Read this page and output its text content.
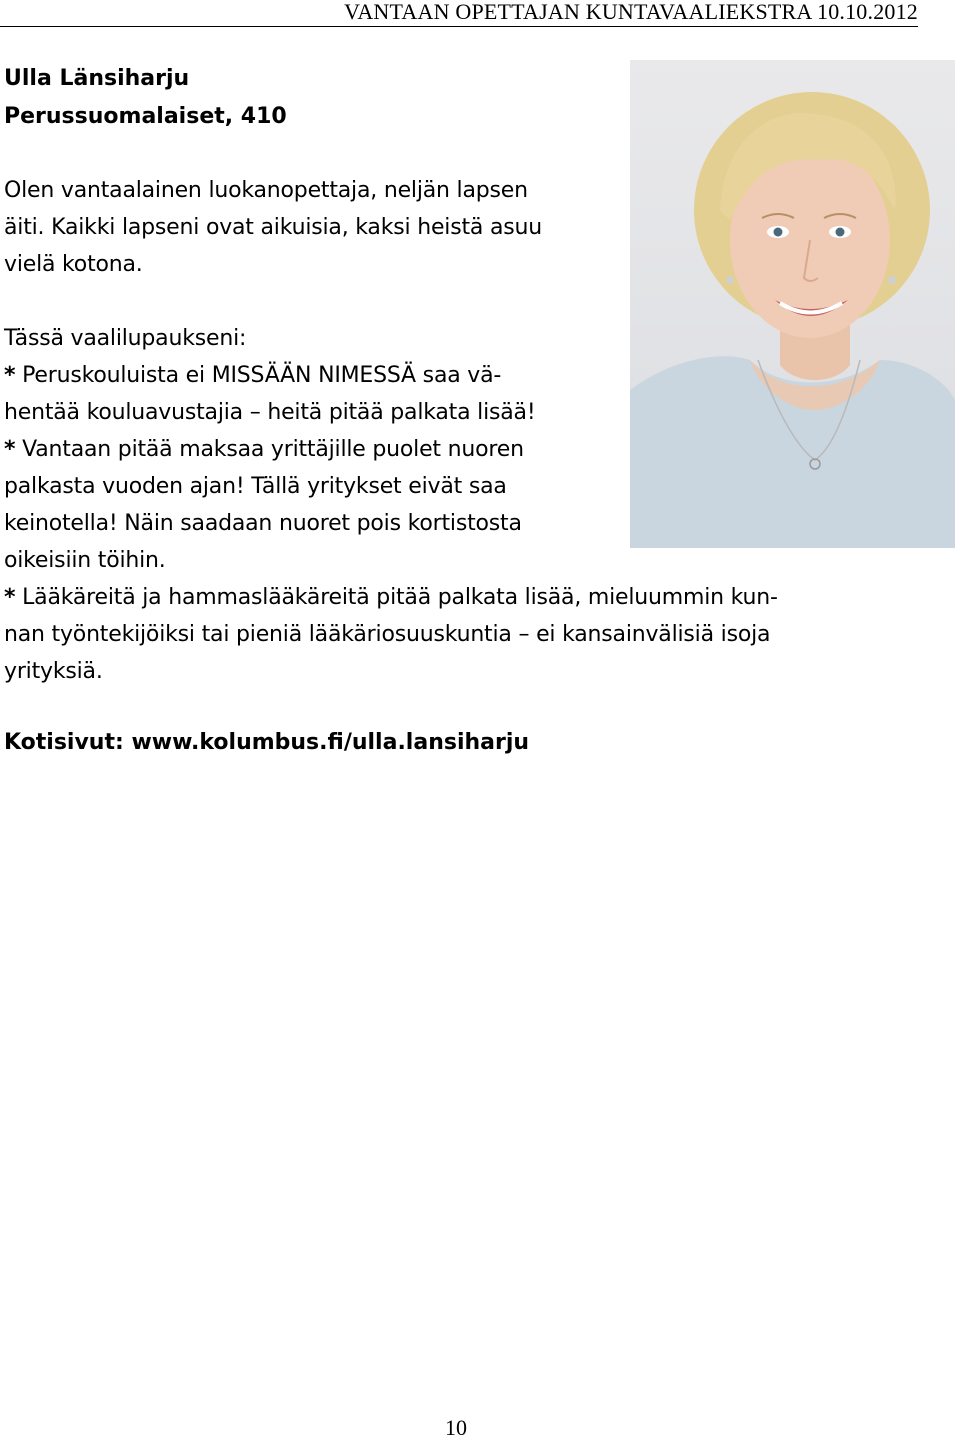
VANTAAN OPETTAJAN KUNTAVAALIEKSTRA 10.10.2012
Ulla Länsiharju
Perussuomalaiset, 410
Olen vantaalainen luokanopettaja, neljän lapsen
äiti. Kaikki lapseni ovat aikuisia, kaksi heistä asuu
vielä kotona.
Tässä vaalilupaukseni:
* Peruskouluista ei MISSÄÄN NIMESSÄ saa vä-
hentää kouluavustajia – heitä pitää palkata lisää!
* Vantaan pitää maksaa yrittäjille puolet nuoren
palkasta vuoden ajan! Tällä yritykset eivät saa
keinotella! Näin saadaan nuoret pois kortistosta
oikeisiin töihin.
* Lääkäreitä ja hammaslääkäreitä pitää palkata lisää, mieluummin kun-
nan työntekijöiksi tai pieniä lääkäriosuuskuntia – ei kansainvälisiä isoja
yrityksiä.
Kotisivut: www.kolumbus.fi/ulla.lansiharju
10
